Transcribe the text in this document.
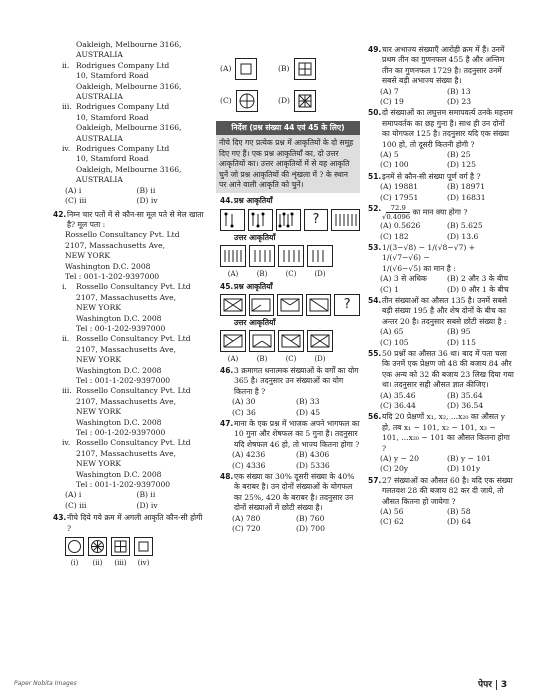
Oakleigh, Melbourne 3166,
AUSTRALIA
ii. Rodrigues Company Ltd
10, Stamford Road
Oakleigh, Melbourne 3166,
AUSTRALIA
iii. Rodrigues Company Ltd
10, Stamford Road
Oakleigh, Melbourne 3166,
AUSTRALIA
iv. Rodrigues Company Ltd
10, Stamford Road
Oakleigh, Melbourne 3166,
AUSTRALIA
(A) i	(B) ii
(C) iii	(D) iv
42. निम्न चार पतों में से कौन-सा मूल पते से मेल खाता है? मूल पता :
Rossello Consultancy Pvt. Ltd
2107, Massachusetts Ave,
NEW YORK
Washington D.C. 2008
Tel : 001-1-202-9397000
i. Rossello Consultancy Pvt. Ltd
2107, Massachusetts Ave,
NEW YORK
Washington D.C. 2008
Tel : 00-1-202-9397000
ii. Rossello Consultancy Pvt. Ltd
2107, Massachusetts Ave,
NEW YORK
Washington D.C. 2008
Tel : 001-1-202-9397000
iii. Rossello Consultancy Pvt. Ltd
2107, Massachusetts Ave,
NEW YORK
Washington D.C. 2008
Tel : 00-1-202-9397000
iv. Rossello Consultancy Pvt. Ltd
2107, Massachusetts Ave,
NEW YORK
Washington D.C. 2008
Tel : 001-1-202-9397000
(A) i	(B) ii
(C) iii	(D) iv
43. नीचे दिये गये क्रम में अगली आकृति कौन-सी होगी ?
(i)	(ii)	(iii)	(iv)
(A)	(B)
(C)	(D)
निर्देश (प्रश्न संख्या 44 एवं 45 के लिए)
नीचे दिए गए प्रत्येक प्रश्न में आकृतियों के दो समूह दिए गए हैं। एक प्रश्न आकृतियाँ का, दो उत्तर आकृतियों का। उत्तर आकृतियों में से वह आकृति चुनें जो प्रश्न आकृतियों की शृंखला में ? के स्थान पर आने वाली आकृति को चुनें।
44. प्रश्न आकृतियाँ
?
उत्तर आकृतियाँ
(A)	(B)	(C)	(D)
45. प्रश्न आकृतियाँ
?
उत्तर आकृतियाँ
(A)	(B)	(C)	(D)
46. 3 क्रमागत धनात्मक संख्याओं के वर्गों का योग 365 है। तदनुसार उन संख्याओं का योग कितना है ?
(A) 30	(B) 33
(C) 36	(D) 45
47. माना के एक प्रश्न में भाजक अपने भागफल का 10 गुना और शेषफल का 5 गुना है। तदनुसार यदि शेषफल 46 हो, तो भाज्य कितना होगा ?
(A) 4236	(B) 4306
(C) 4336	(D) 5336
48. एक संख्या का 30% दूसरी संख्या के 40% के बराबर है। उन दोनों संख्याओं के योगफल का 25%, 420 के बराबर है। तदनुसार उन दोनों संख्याओं में छोटी संख्या है।
(A) 780	(B) 760
(C) 720	(D) 700
49. चार अभाज्य संख्याएँ आरोही क्रम में हैं। उनमें प्रथम तीन का गुणनफल 455 है और अन्तिम तीन का गुणनफल 1729 है। तदनुसार उनमें सबसे बड़ी अभाज्य संख्या है।
(A) 7	(B) 13
(C) 19	(D) 23
50. दो संख्याओं का लघुत्तम समापवर्त्य उनके महत्तम समापवर्तक का छह गुना है। साथ ही उन दोनों का योगफल 125 है। तदनुसार यदि एक संख्या 100 हो, तो दूसरी कितनी होगी ?
(A) 5	(B) 25
(C) 100	(D) 125
51. इनमें से कौन-सी संख्या पूर्ण वर्ग है ?
(A) 19881	(B) 18971
(C) 17951	(D) 16831
52.
√ $\frac{72.9}{0.4096}$ का मान क्या होगा ?
(A) 0.5626	(B) 5.625
(C) 182	(D) 13.6
53. 1/(3−√8) − 1/(√8−√7) + 1/(√7−√6) −
1/(√6−√5) का मान है :
(A) 3 से अधिक	(B) 2 और 3 के बीच
(C) 1	(D) 0 और 1 के बीच
54. तीन संख्याओं का औसत 135 है। उनमें सबसे बड़ी संख्या 195 है और शेष दोनों के बीच का अन्तर 20 है। तदनुसार सबसे छोटी संख्या है :
(A) 65	(B) 95
(C) 105	(D) 115
55. 50 प्रश्नों का औसत 36 था। बाद में पता चला कि उनमें एक प्रेक्षण जो 48 की बजाय 84 और एक अन्य को 32 की बजाय 23 लिख दिया गया था। तदनुसार सही औसत ज्ञात कीजिए।
(A) 35.46	(B) 35.64
(C) 36.44	(D) 36.54
56. यदि 20 प्रेक्षणों x₁, x₂, ...x₂₀ का औसत y हो, तब x₁ − 101, x₂ − 101, x₃ − 101, ...x₂₀ − 101 का औसत कितना होगा ?
(A) y − 20	(B) y − 101
(C) 20y	(D) 101y
57. 27 संख्याओं का औसत 60 है। यदि एक संख्या गलतवश 28 की बजाय 82 कर दी जाये, तो औसत कितना हो जायेगा ?
(A) 56	(B) 58
(C) 62	(D) 64
Paper Nobita Images	पेपर 3
